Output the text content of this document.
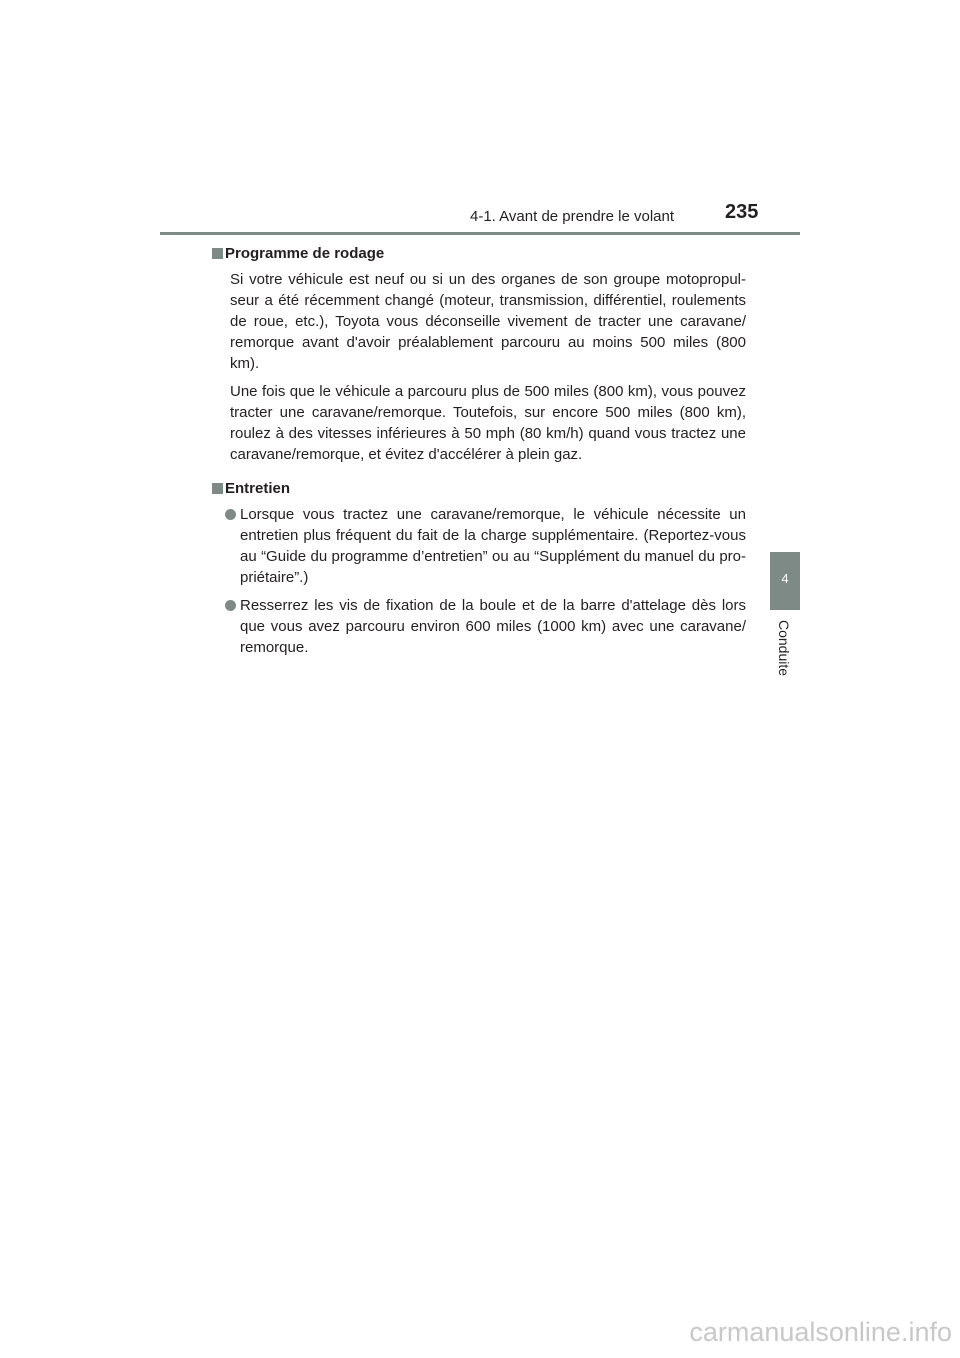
4-1. Avant de prendre le volant	235
4
Conduite
Programme de rodage

Si votre véhicule est neuf ou si un des organes de son groupe motopropul-seur a été récemment changé (moteur, transmission, différentiel, roulements de roue, etc.), Toyota vous déconseille vivement de tracter une caravane/ remorque avant d'avoir préalablement parcouru au moins 500 miles (800 km).

Une fois que le véhicule a parcouru plus de 500 miles (800 km), vous pouvez tracter une caravane/remorque. Toutefois, sur encore 500 miles (800 km), roulez à des vitesses inférieures à 50 mph (80 km/h) quand vous tractez une caravane/remorque, et évitez d'accélérer à plein gaz.

Entretien
Lorsque vous tractez une caravane/remorque, le véhicule nécessite un entretien plus fréquent du fait de la charge supplémentaire. (Reportez-vous au “Guide du programme d’entretien” ou au “Supplément du manuel du pro-priétaire”.)
Resserrez les vis de fixation de la boule et de la barre d'attelage dès lors que vous avez parcouru environ 600 miles (1000 km) avec une caravane/ remorque.
carmanualsonline.info
